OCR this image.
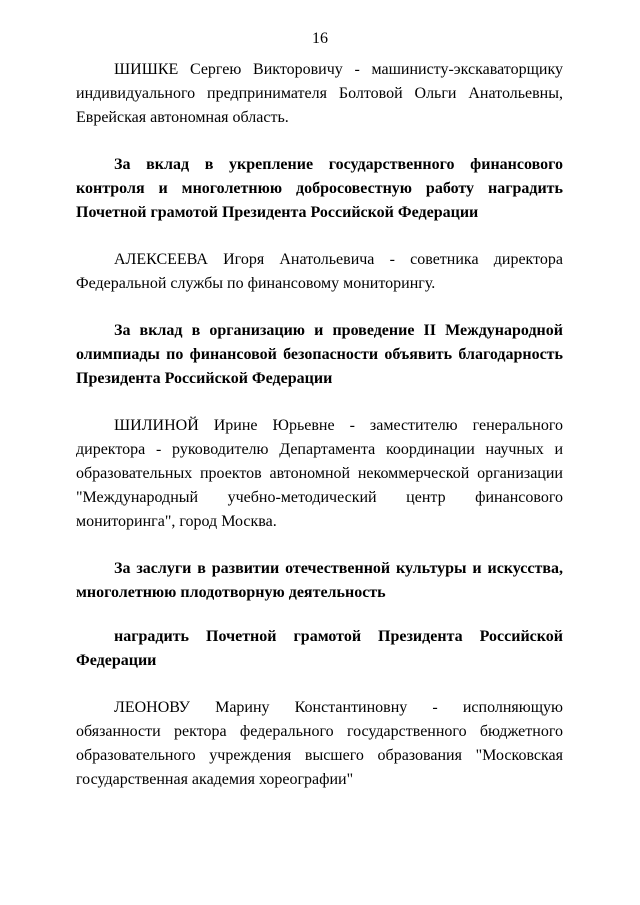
16

ШИШКЕ Сергею Викторовичу - машинисту-экскаваторщику индивидуального предпринимателя Болтовой Ольги Анатольевны, Еврейская автономная область.

За вклад в укрепление государственного финансового контроля и многолетнюю добросовестную работу наградить Почетной грамотой Президента Российской Федерации

АЛЕКСЕЕВА Игоря Анатольевича - советника директора Федеральной службы по финансовому мониторингу.

За вклад в организацию и проведение II Международной олимпиады по финансовой безопасности объявить благодарность Президента Российской Федерации

ШИЛИНОЙ Ирине Юрьевне - заместителю генерального директора - руководителю Департамента координации научных и образовательных проектов автономной некоммерческой организации "Международный учебно-методический центр финансового мониторинга", город Москва.

За заслуги в развитии отечественной культуры и искусства, многолетнюю плодотворную деятельность

наградить Почетной грамотой Президента Российской Федерации

ЛЕОНОВУ Марину Константиновну - исполняющую обязанности ректора федерального государственного бюджетного образовательного учреждения высшего образования "Московская государственная академия хореографии"
